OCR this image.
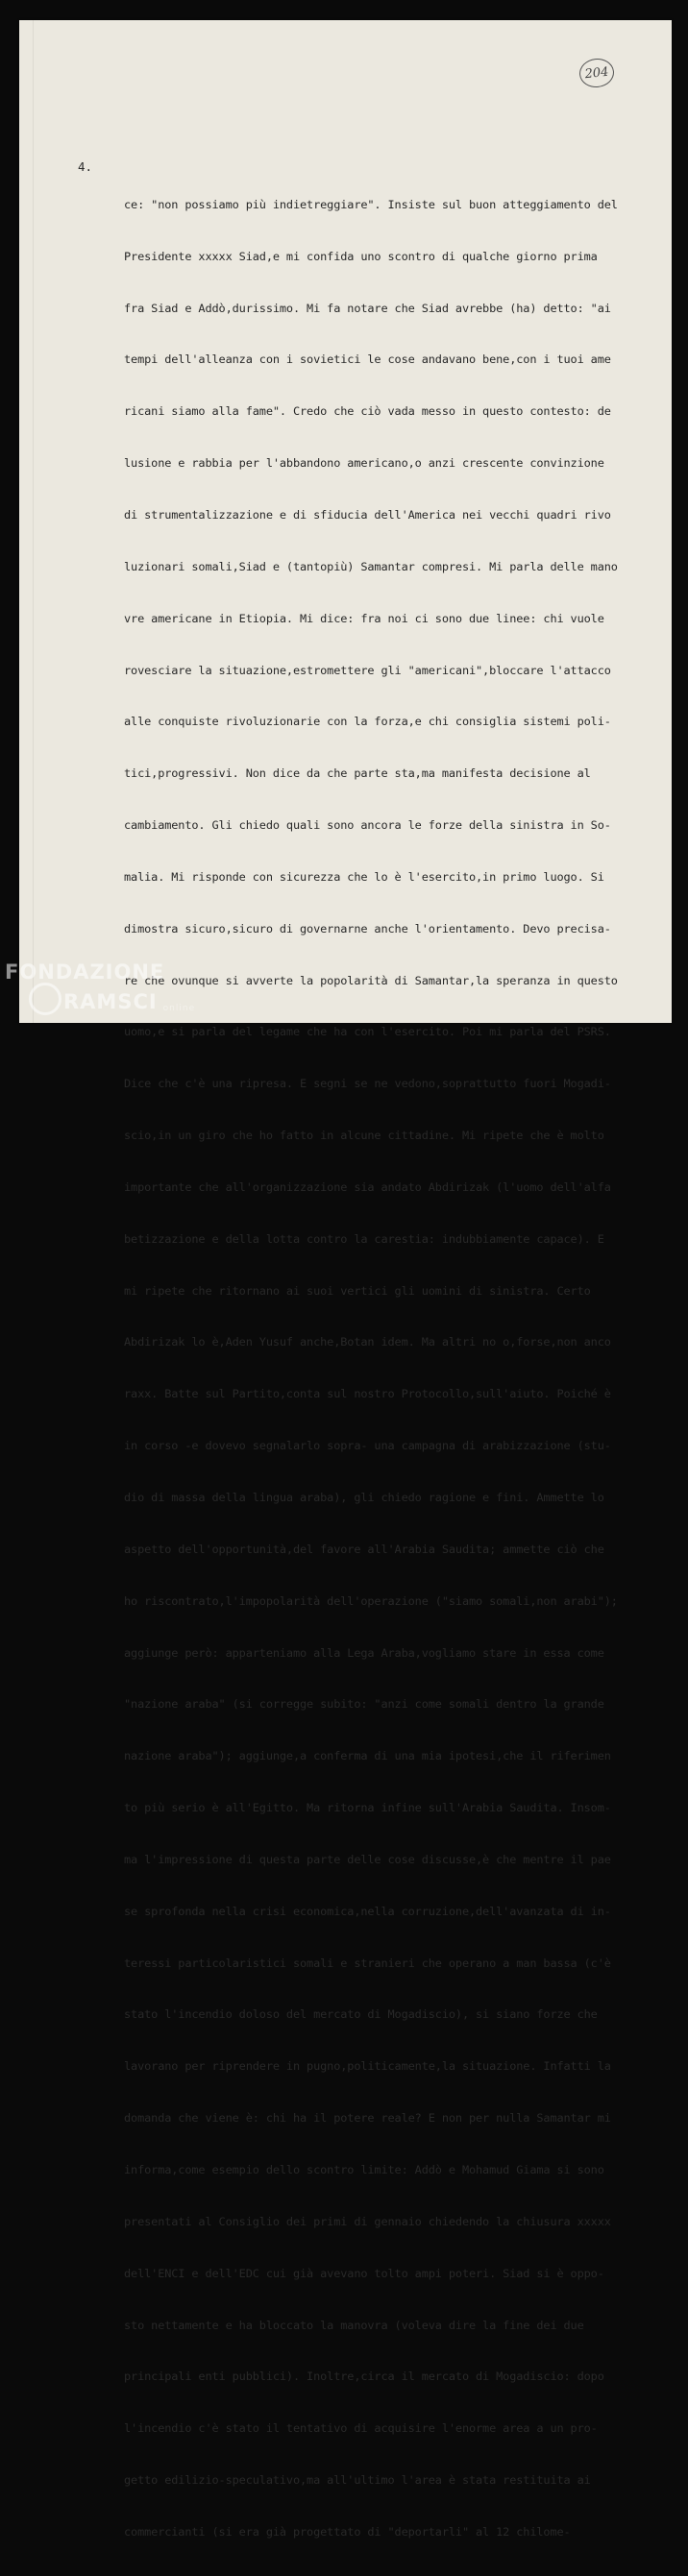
204
4.

ce: "non possiamo più indietreggiare". Insiste sul buon atteggiamento del

Presidente xxxxx Siad,e mi confida uno scontro di qualche giorno prima

fra Siad e Addò,durissimo. Mi fa notare che Siad avrebbe (ha) detto: "ai

tempi dell'alleanza con i sovietici le cose andavano bene,con i tuoi ame

ricani siamo alla fame". Credo che ciò vada messo in questo contesto: de

lusione e rabbia per l'abbandono americano,o anzi crescente convinzione

di strumentalizzazione e di sfiducia dell'America nei vecchi quadri rivo

luzionari somali,Siad e (tantopiù) Samantar compresi. Mi parla delle mano

vre americane in Etiopia. Mi dice: fra noi ci sono due linee: chi vuole

rovesciare la situazione,estromettere gli "americani",bloccare l'attacco

alle conquiste rivoluzionarie con la forza,e chi consiglia sistemi poli-

tici,progressivi. Non dice da che parte sta,ma manifesta decisione al

cambiamento. Gli chiedo quali sono ancora le forze della sinistra in So-

malia. Mi risponde con sicurezza che lo è l'esercito,in primo luogo. Si

dimostra sicuro,sicuro di governarne anche l'orientamento. Devo precisa-

re che ovunque si avverte la popolarità di Samantar,la speranza in questo

uomo,e si parla del legame che ha con l'esercito. Poi mi parla del PSRS.

Dice che c'è una ripresa. E segni se ne vedono,soprattutto fuori Mogadi-

scio,in un giro che ho fatto in alcune cittadine. Mi ripete che è molto

importante che all'organizzazione sia andato Abdirizak (l'uomo dell'alfa

betizzazione e della lotta contro la carestia: indubbiamente capace). E

mi ripete che ritornano ai suoi vertici gli uomini di sinistra. Certo

Abdirizak lo è,Aden Yusuf anche,Botan idem. Ma altri no o,forse,non anco

raxx. Batte sul Partito,conta sul nostro Protocollo,sull'aiuto. Poiché è

in corso -e dovevo segnalarlo sopra- una campagna di arabizzazione (stu-

dio di massa della lingua araba), gli chiedo ragione e fini. Ammette lo

aspetto dell'opportunità,del favore all'Arabia Saudita; ammette ciò che

ho riscontrato,l'impopolarità dell'operazione ("siamo somali,non arabi");

aggiunge però: apparteniamo alla Lega Araba,vogliamo stare in essa come

"nazione araba" (si corregge subito: "anzi come somali dentro la grande

nazione araba"); aggiunge,a conferma di una mia ipotesi,che il riferimen

to più serio è all'Egitto. Ma ritorna infine sull'Arabia Saudita. Insom-

ma l'impressione di questa parte delle cose discusse,è che mentre il pae

se sprofonda nella crisi economica,nella corruzione,dell'avanzata di in-

teressi particolaristici somali e stranieri che operano a man bassa (c'è

stato l'incendio doloso del mercato di Mogadiscio), si siano forze che

lavorano per riprendere in pugno,politicamente,la situazione. Infatti la

domanda che viene è: chi ha il potere reale? E non per nulla Samantar mi

informa,come esempio dello scontro limite: Addò e Mohamud Giama si sono

presentati al Consiglio dei primi di gennaio chiedendo la chiusura xxxxx

dell'ENCI e dell'EDC cui già avevano tolto ampi poteri. Siad si è oppo-

sto nettamente e ha bloccato la manovra (voleva dire la fine dei due

principali enti pubblici). Inoltre,circa il mercato di Mogadiscio: dopo

l'incendio c'è stato il tentativo di acquisire l'enorme area a un pro-

getto edilizio-speculativo,ma all'ultimo l'area è stata restituita ai

commercianti (si era già progettato di "deportarli" al 12 chilome-

FONDAZIONE
RAMSCI online
